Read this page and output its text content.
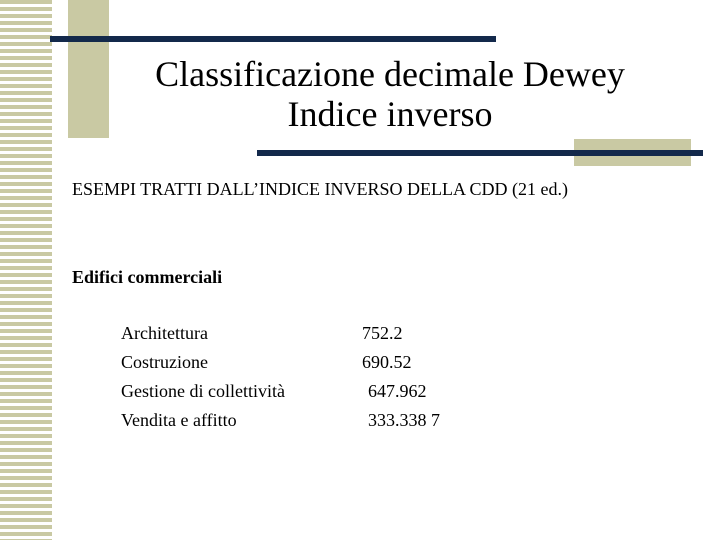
Classificazione decimale Dewey
Indice inverso
ESEMPI TRATTI DALL’INDICE INVERSO DELLA CDD (21 ed.)
Edifici commerciali
Architettura	752.2
Costruzione	690.52
Gestione di collettività	647.962
Vendita e affitto	333.338 7
